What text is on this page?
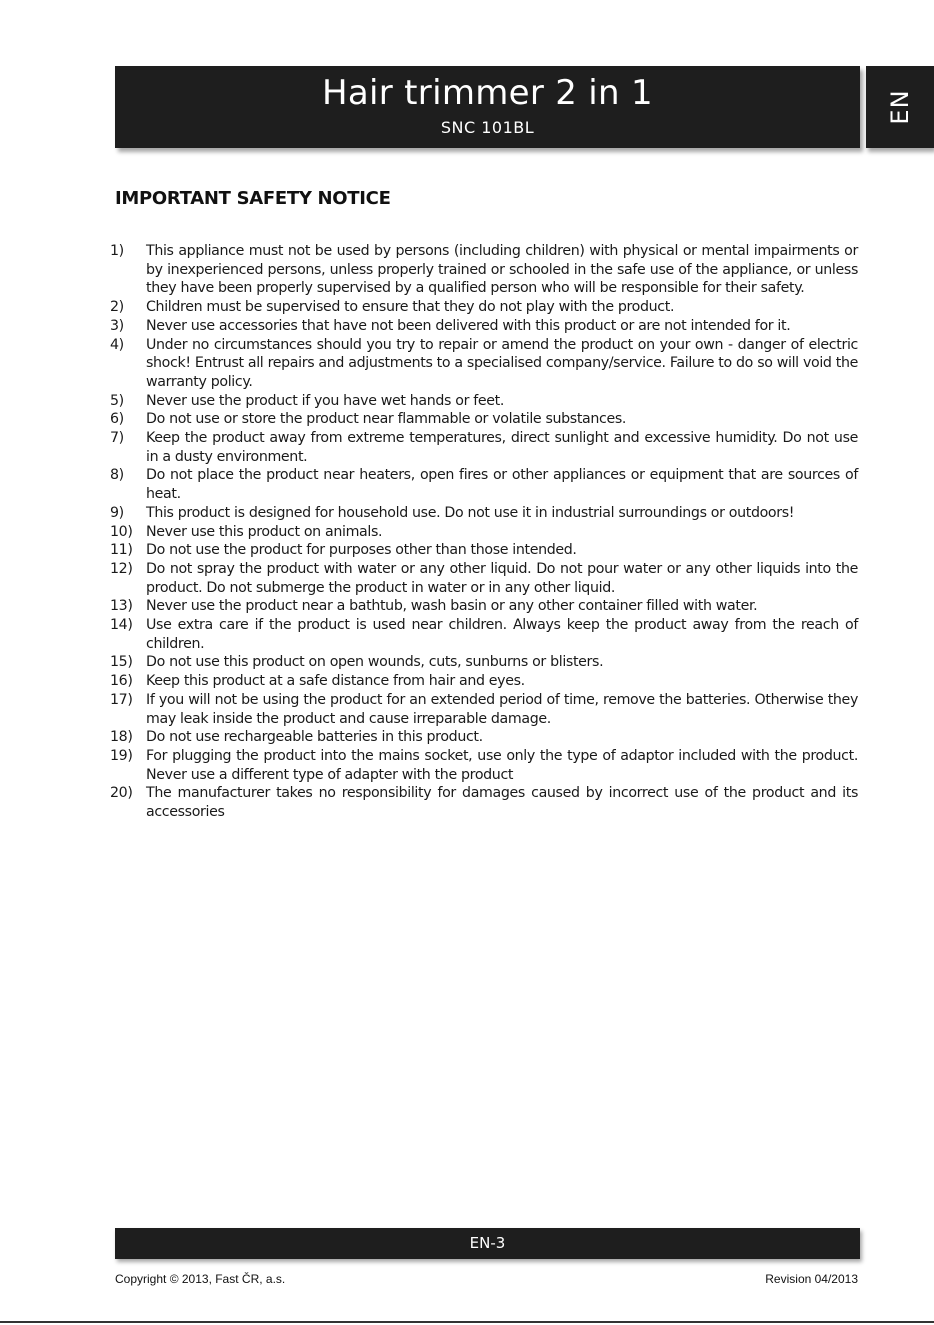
Hair trimmer 2 in 1
SNC 101BL
EN
IMPORTANT SAFETY NOTICE
1) This appliance must not be used by persons (including children) with physical or mental impairments or by inexperienced persons, unless properly trained or schooled in the safe use of the appliance, or unless they have been properly supervised by a qualified person who will be responsible for their safety.
2) Children must be supervised to ensure that they do not play with the product.
3) Never use accessories that have not been delivered with this product or are not intended for it.
4) Under no circumstances should you try to repair or amend the product on your own - danger of electric shock! Entrust all repairs and adjustments to a specialised company/service. Failure to do so will void the warranty policy.
5) Never use the product if you have wet hands or feet.
6) Do not use or store the product near flammable or volatile substances.
7) Keep the product away from extreme temperatures, direct sunlight and excessive humidity. Do not use in a dusty environment.
8) Do not place the product near heaters, open fires or other appliances or equipment that are sources of heat.
9) This product is designed for household use. Do not use it in industrial surroundings or outdoors!
10) Never use this product on animals.
11) Do not use the product for purposes other than those intended.
12) Do not spray the product with water or any other liquid. Do not pour water or any other liquids into the product. Do not submerge the product in water or in any other liquid.
13) Never use the product near a bathtub, wash basin or any other container filled with water.
14) Use extra care if the product is used near children. Always keep the product away from the reach of children.
15) Do not use this product on open wounds, cuts, sunburns or blisters.
16) Keep this product at a safe distance from hair and eyes.
17) If you will not be using the product for an extended period of time, remove the batteries. Otherwise they may leak inside the product and cause irreparable damage.
18) Do not use rechargeable batteries in this product.
19) For plugging the product into the mains socket, use only the type of adaptor included with the product. Never use a different type of adapter with the product
20) The manufacturer takes no responsibility for damages caused by incorrect use of the product and its accessories
EN-3
Copyright © 2013, Fast ČR, a.s.	Revision 04/2013
